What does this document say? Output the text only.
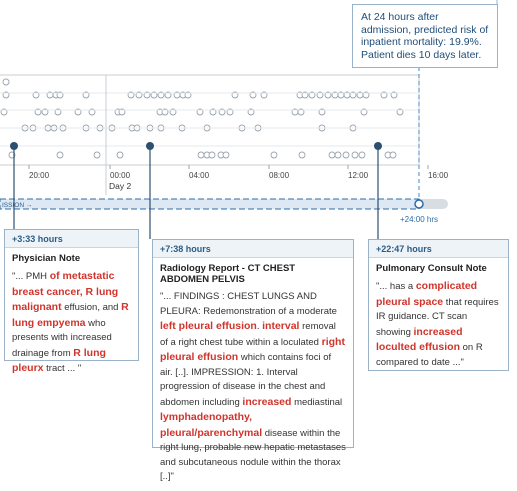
20:00	00:00	04:00	08:00	12:00	16:00
Day 2
ISSION →
+24:00 hrs
At 24 hours after admission, predicted risk of inpatient mortality: 19.9%. Patient dies 10 days later.
+3:33 hours
Physician Note
"... PMH of metastatic breast cancer, R lung malignant effusion, and R lung empyema who presents with increased drainage from R lung pleurx tract ... "
+7:38 hours
Radiology Report - CT CHEST ABDOMEN PELVIS
"... FINDINGS : CHEST LUNGS AND PLEURA: Redemonstration of a moderate left pleural effusion. interval removal of a right chest tube within a loculated right pleural effusion which contains foci of air. [..]. IMPRESSION: 1. Interval progression of disease in the chest and abdomen including increased mediastinal lymphadenopathy, pleural/parenchymal disease within the right lung, probable new hepatic metastases and subcutaneous nodule within the thorax [..]"
+22:47 hours
Pulmonary Consult Note
"... has a complicated pleural space that requires IR guidance. CT scan showing increased loculted effusion on R compared to date ..."
